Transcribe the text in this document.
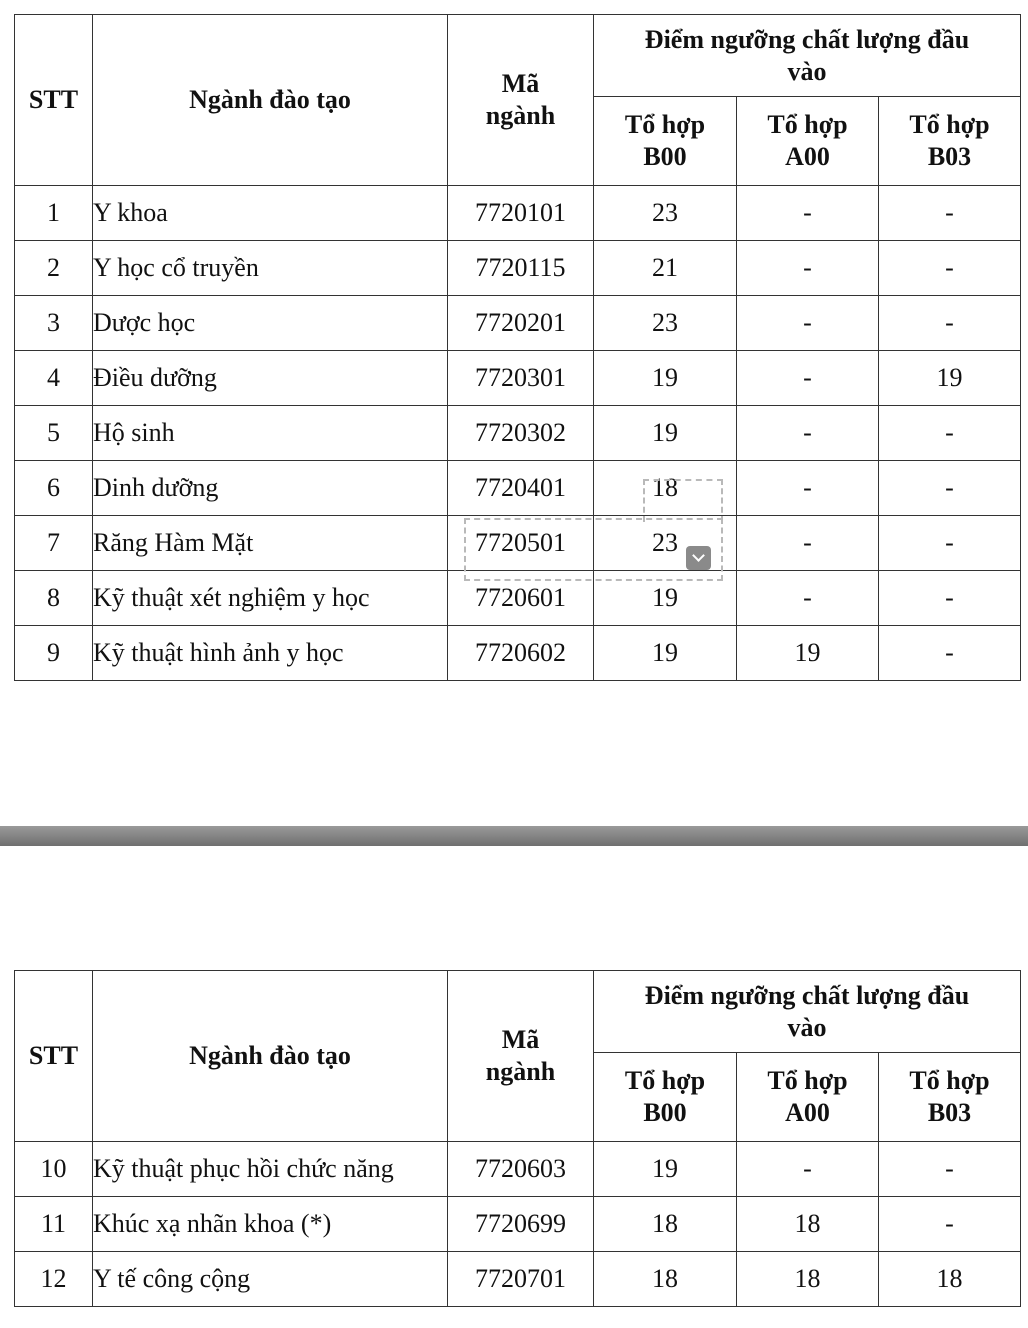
STT	Ngành đào tạo	Mã ngành	Điểm ngưỡng chất lượng đầu vào		
			Tổ hợp B00	Tổ hợp A00	Tổ hợp B03
1	Y khoa	7720101	23	-	-
2	Y học cổ truyền	7720115	21	-	-
3	Dược học	7720201	23	-	-
4	Điều dưỡng	7720301	19	-	19
5	Hộ sinh	7720302	19	-	-
6	Dinh dưỡng	7720401	18	-	-
7	Răng Hàm Mặt	7720501	23	-	-
8	Kỹ thuật xét nghiệm y học	7720601	19	-	-
9	Kỹ thuật hình ảnh y học	7720602	19	19	-
STT	Ngành đào tạo	Mã ngành	Điểm ngưỡng chất lượng đầu vào		
			Tổ hợp B00	Tổ hợp A00	Tổ hợp B03
10	Kỹ thuật phục hồi chức năng	7720603	19	-	-
11	Khúc xạ nhãn khoa (*)	7720699	18	18	-
12	Y tế công cộng	7720701	18	18	18
